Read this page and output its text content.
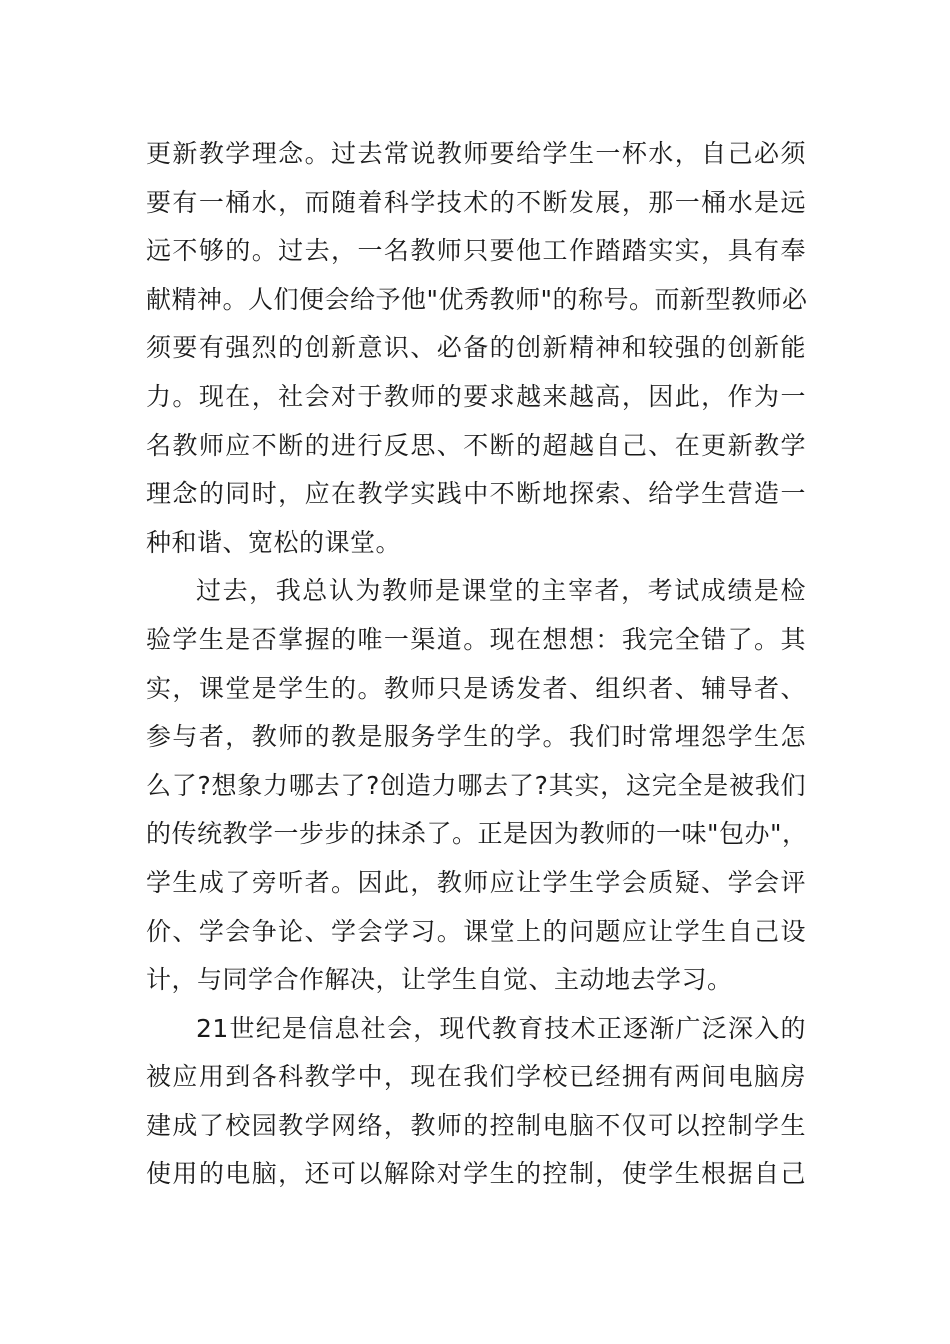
更新教学理念。过去常说教师要给学生一杯水，自己必须
要有一桶水，而随着科学技术的不断发展，那一桶水是远
远不够的。过去，一名教师只要他工作踏踏实实，具有奉
献精神。人们便会给予他"优秀教师"的称号。而新型教师必
须要有强烈的创新意识、必备的创新精神和较强的创新能
力。现在，社会对于教师的要求越来越高，因此，作为一
名教师应不断的进行反思、不断的超越自己、在更新教学
理念的同时，应在教学实践中不断地探索、给学生营造一
种和谐、宽松的课堂。
过去，我总认为教师是课堂的主宰者，考试成绩是检
验学生是否掌握的唯一渠道。现在想想：我完全错了。其
实，课堂是学生的。教师只是诱发者、组织者、辅导者、
参与者，教师的教是服务学生的学。我们时常埋怨学生怎
么了?想象力哪去了?创造力哪去了?其实，这完全是被我们
的传统教学一步步的抹杀了。正是因为教师的一味"包办"，
学生成了旁听者。因此，教师应让学生学会质疑、学会评
价、学会争论、学会学习。课堂上的问题应让学生自己设
计，与同学合作解决，让学生自觉、主动地去学习。
21世纪是信息社会，现代教育技术正逐渐广泛深入的
被应用到各科教学中，现在我们学校已经拥有两间电脑房
建成了校园教学网络，教师的控制电脑不仅可以控制学生
使用的电脑，还可以解除对学生的控制，使学生根据自己
